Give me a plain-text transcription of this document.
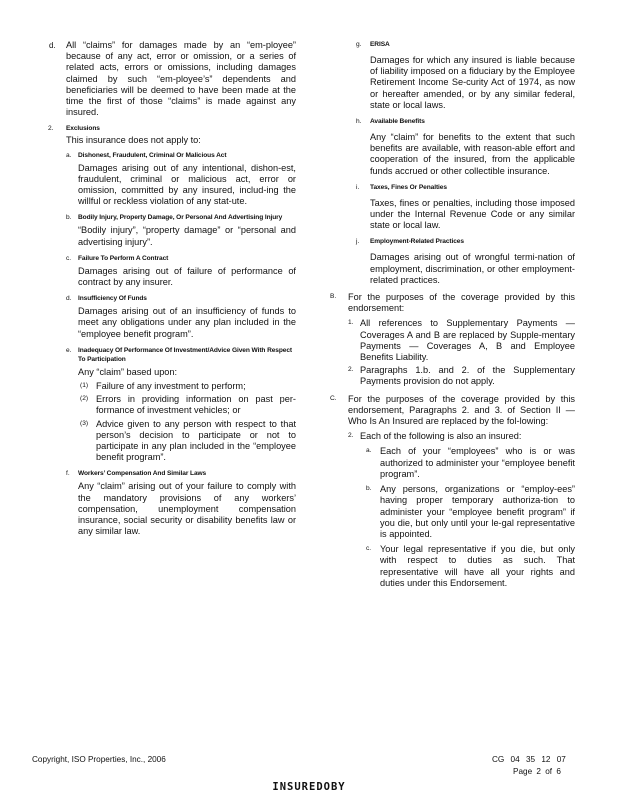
d. All “claims” for damages made by an “em-ployee” because of any act, error or omission, or a series of related acts, errors or omissions, including damages claimed by such “em-ployee’s” dependents and beneficiaries will be deemed to have been made at the time the first of those “claims” is made against any insured.

2. Exclusions

This insurance does not apply to:

a. Dishonest, Fraudulent, Criminal Or Malicious Act

Damages arising out of any intentional, dishon-est, fraudulent, criminal or malicious act, error or omission, committed by any insured, includ-ing the willful or reckless violation of any stat-ute.

b. Bodily Injury, Property Damage, Or Personal And Advertising Injury

“Bodily injury”, “property damage” or “personal and advertising injury”.

c. Failure To Perform A Contract

Damages arising out of failure of performance of contract by any insurer.

d. Insufficiency Of Funds

Damages arising out of an insufficiency of funds to meet any obligations under any plan included in the “employee benefit program”.

e. Inadequacy Of Performance Of Investment/Advice Given With Respect To Participation

Any “claim” based upon:

(1) Failure of any investment to perform;

(2) Errors in providing information on past per-formance of investment vehicles; or

(3) Advice given to any person with respect to that person’s decision to participate or not to participate in any plan included in the “employee benefit program”.

f. Workers’ Compensation And Similar Laws

Any “claim” arising out of your failure to comply with the mandatory provisions of any workers’ compensation, unemployment compensation insurance, social security or disability benefits law or any similar law.

g. ERISA

Damages for which any insured is liable because of liability imposed on a fiduciary by the Employee Retirement Income Se-curity Act of 1974, as now or hereafter amended, or by any similar federal, state or local laws.

h. Available Benefits

Any “claim” for benefits to the extent that such benefits are available, with reason-able effort and cooperation of the insured, from the applicable funds accrued or other collectible insurance.

i. Taxes, Fines Or Penalties

Taxes, fines or penalties, including those imposed under the Internal Revenue Code or any similar state or local law.

j. Employment-Related Practices

Damages arising out of wrongful termi-nation of employment, discrimination, or other employment-related practices.

B. For the purposes of the coverage provided by this endorsement:

1. All references to Supplementary Payments — Coverages A and B are replaced by Supple-mentary Payments — Coverages A, B and Employee Benefits Liability.

2. Paragraphs 1.b. and 2. of the Supplementary Payments provision do not apply.

C. For the purposes of the coverage provided by this endorsement, Paragraphs 2. and 3. of Section II — Who Is An Insured are replaced by the fol-lowing:

2. Each of the following is also an insured:

a. Each of your “employees” who is or was authorized to administer your “employee benefit program”.

b. Any persons, organizations or “employ-ees” having proper temporary authoriza-tion to administer your “employee benefit program” if you die, but only until your le-gal representative is appointed.

c. Your legal representative if you die, but only with respect to duties as such. That representative will have all your rights and duties under this Endorsement.

Copyright, ISO Properties, Inc., 2006	CG 04 35 12 07
Page 2 of 6
INSUREDOBY
